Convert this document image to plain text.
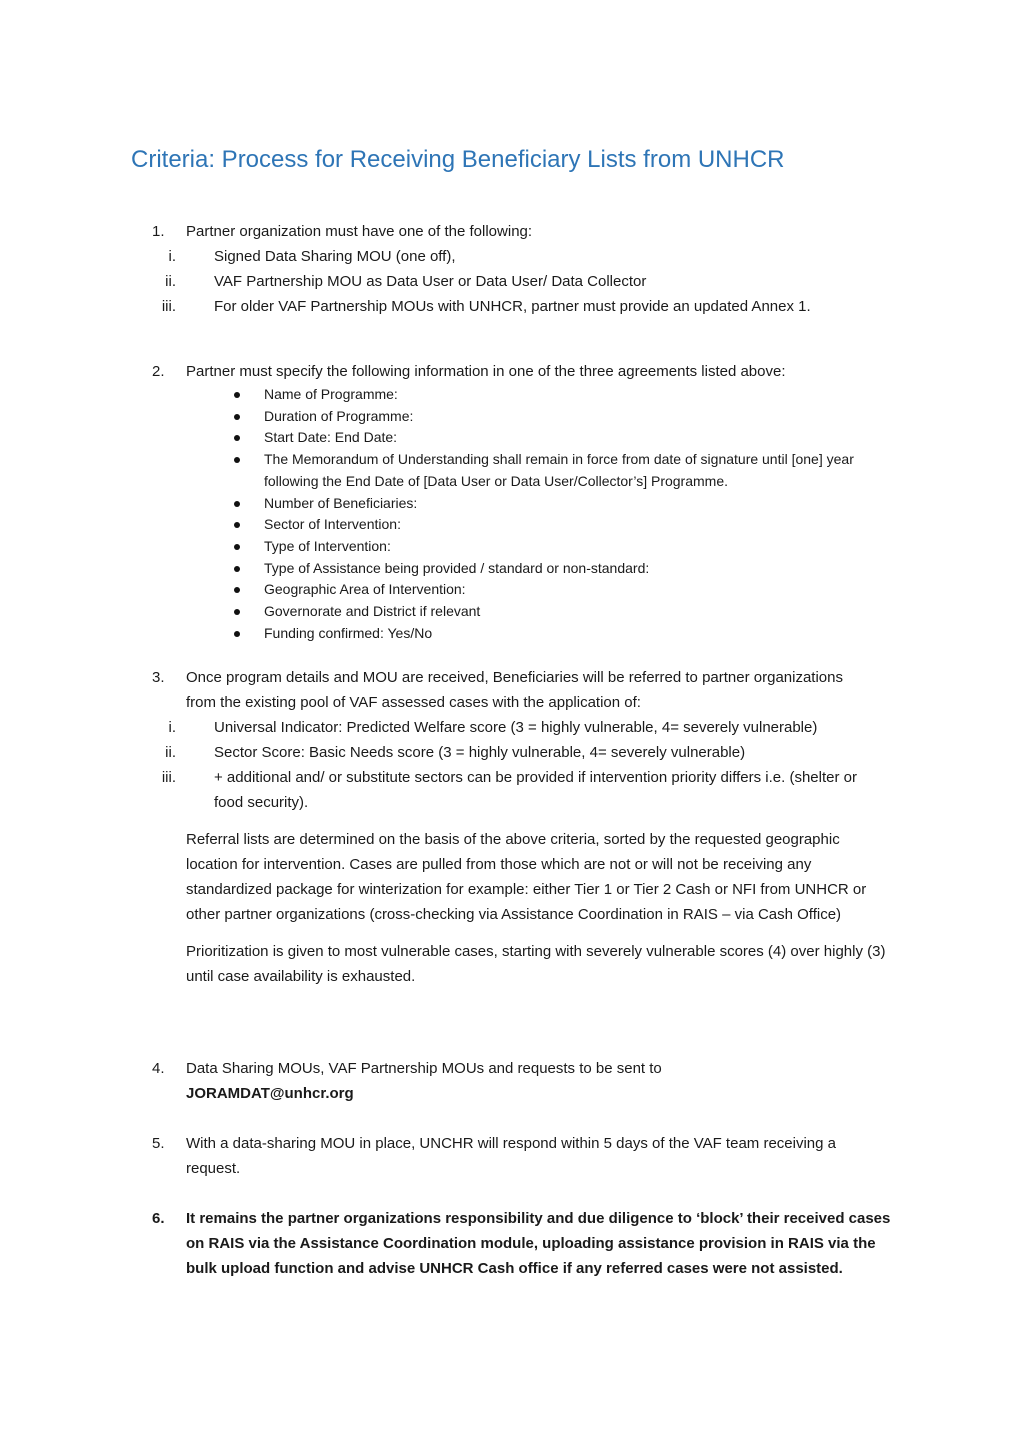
Criteria: Process for Receiving Beneficiary Lists from UNHCR
1.	Partner organization must have one of the following:
i.	Signed Data Sharing MOU (one off),
ii.	VAF Partnership MOU as Data User or Data User/ Data Collector
iii.	For older VAF Partnership MOUs with UNHCR, partner must provide an updated Annex 1.
2.	Partner must specify the following information in one of the three agreements listed above:
Name of Programme:
Duration of Programme:
Start Date: End Date:
The Memorandum of Understanding shall remain in force from date of signature until [one] year following the End Date of [Data User or Data User/Collector’s] Programme.
Number of Beneficiaries:
Sector of Intervention:
Type of Intervention:
Type of Assistance being provided / standard or non-standard:
Geographic Area of Intervention:
Governorate and District if relevant
Funding confirmed: Yes/No
3.	Once program details and MOU are received, Beneficiaries will be referred to partner organizations from the existing pool of VAF assessed cases with the application of:
i.	Universal Indicator: Predicted Welfare score (3 = highly vulnerable, 4= severely vulnerable)
ii.	Sector Score: Basic Needs score (3 = highly vulnerable, 4= severely vulnerable)
iii.	+ additional and/ or substitute sectors can be provided if intervention priority differs i.e. (shelter or food security).
Referral lists are determined on the basis of the above criteria, sorted by the requested geographic location for intervention. Cases are pulled from those which are not or will not be receiving any standardized package for winterization for example: either Tier 1 or Tier 2 Cash or NFI from UNHCR or other partner organizations (cross-checking via Assistance Coordination in RAIS – via Cash Office)
Prioritization is given to most vulnerable cases, starting with severely vulnerable scores (4) over highly (3) until case availability is exhausted.
4.	Data Sharing MOUs, VAF Partnership MOUs and requests to be sent to
JORAMDAT@unhcr.org
5.	With a data-sharing MOU in place, UNCHR will respond within 5 days of the VAF team receiving a request.
6.	It remains the partner organizations responsibility and due diligence to ‘block’ their received cases on RAIS via the Assistance Coordination module, uploading assistance provision in RAIS via the bulk upload function and advise UNHCR Cash office if any referred cases were not assisted.
